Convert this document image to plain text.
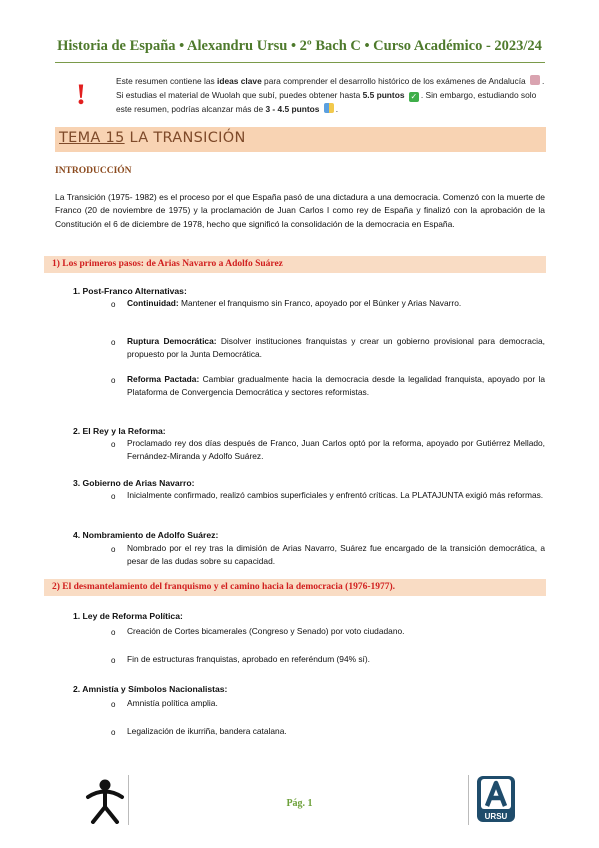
Historia de España • Alexandru Ursu • 2º Bach C • Curso Académico - 2023/24
!	Este resumen contiene las ideas clave para comprender el desarrollo histórico de los exámenes de Andalucía . Si estudias el material de Wuolah que subí, puedes obtener hasta 5.5 puntos ✓ . Sin embargo, estudiando solo este resumen, podrías alcanzar más de 3 - 4.5 puntos .
TEMA 15 LA TRANSICIÓN
INTRODUCCIÓN
La Transición (1975- 1982) es el proceso por el que España pasó de una dictadura a una democracia. Comenzó con la muerte de Franco (20 de noviembre de 1975) y la proclamación de Juan Carlos I como rey de España y finalizó con la aprobación de la Constitución el 6 de diciembre de 1978, hecho que significó la consolidación de la democracia en España.
1) Los primeros pasos: de Arias Navarro a Adolfo Suárez
1. Post-Franco Alternativas:
o Continuidad: Mantener el franquismo sin Franco, apoyado por el Búnker y Arias Navarro.
o Ruptura Democrática: Disolver instituciones franquistas y crear un gobierno provisional para democracia, propuesto por la Junta Democrática.
o Reforma Pactada: Cambiar gradualmente hacia la democracia desde la legalidad franquista, apoyado por la Plataforma de Convergencia Democrática y sectores reformistas.
2. El Rey y la Reforma:
o Proclamado rey dos días después de Franco, Juan Carlos optó por la reforma, apoyado por Gutiérrez Mellado, Fernández-Miranda y Adolfo Suárez.
3. Gobierno de Arias Navarro:
o Inicialmente confirmado, realizó cambios superficiales y enfrentó críticas. La PLATAJUNTA exigió más reformas.
4. Nombramiento de Adolfo Suárez:
o Nombrado por el rey tras la dimisión de Arias Navarro, Suárez fue encargado de la transición democrática, a pesar de las dudas sobre su capacidad.
2) El desmantelamiento del franquismo y el camino hacia la democracia (1976-1977).
1. Ley de Reforma Política:
o Creación de Cortes bicamerales (Congreso y Senado) por voto ciudadano.
o Fin de estructuras franquistas, aprobado en referéndum (94% sí).
2. Amnistía y Símbolos Nacionalistas:
o Amnistía política amplia.
o Legalización de ikurriña, bandera catalana.
Pág. 1
URSU
